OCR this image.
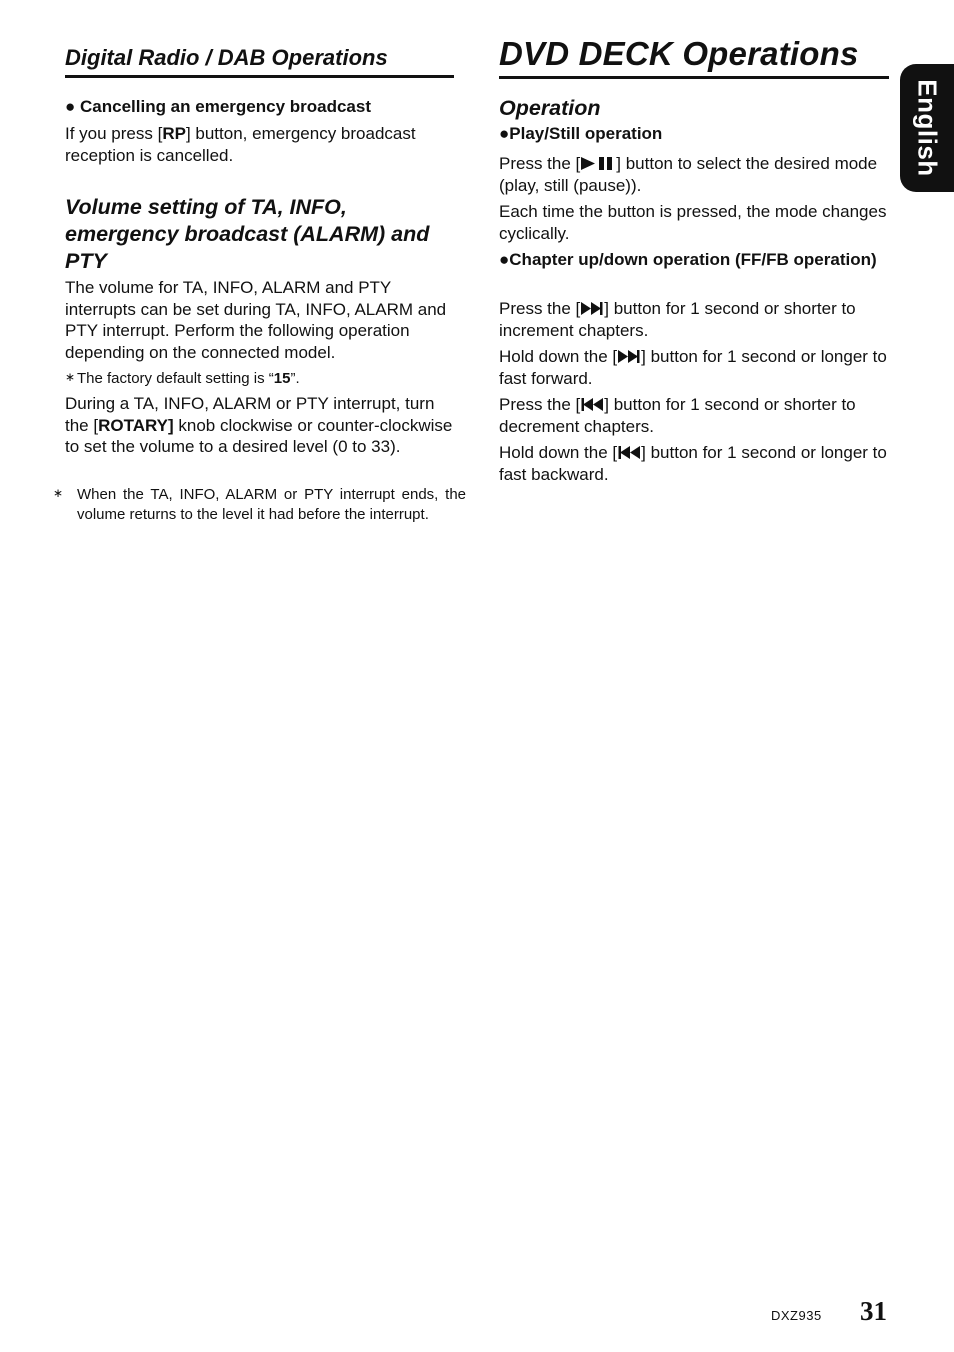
Digital Radio / DAB Operations
● Cancelling an emergency broadcast

If you press [RP] button, emergency broadcast reception is cancelled.

Volume setting of TA, INFO, emergency broadcast (ALARM) and PTY

The volume for TA, INFO, ALARM and PTY interrupts can be set during TA, INFO, ALARM and PTY interrupt. Perform the following operation depending on the connected model.

∗ The factory default setting is “15”.

During a TA, INFO, ALARM or PTY interrupt, turn the [ROTARY] knob clockwise or counter-clockwise to set the volume to a desired level (0 to 33).

∗ When the TA, INFO, ALARM or PTY interrupt ends, the volume returns to the level it had before the interrupt.

DVD DECK Operations
Operation
●Play/Still operation

Press the [ ] button to select the desired mode (play, still (pause)).

Each time the button is pressed, the mode changes cyclically.

●Chapter up/down operation (FF/FB operation)

Press the [ ] button for 1 second or shorter to increment chapters.

Hold down the [ ] button for 1 second or longer to fast forward.

Press the [ ] button for 1 second or shorter to decrement chapters.

Hold down the [ ] button for 1 second or longer to fast backward.

English
DXZ935 31
